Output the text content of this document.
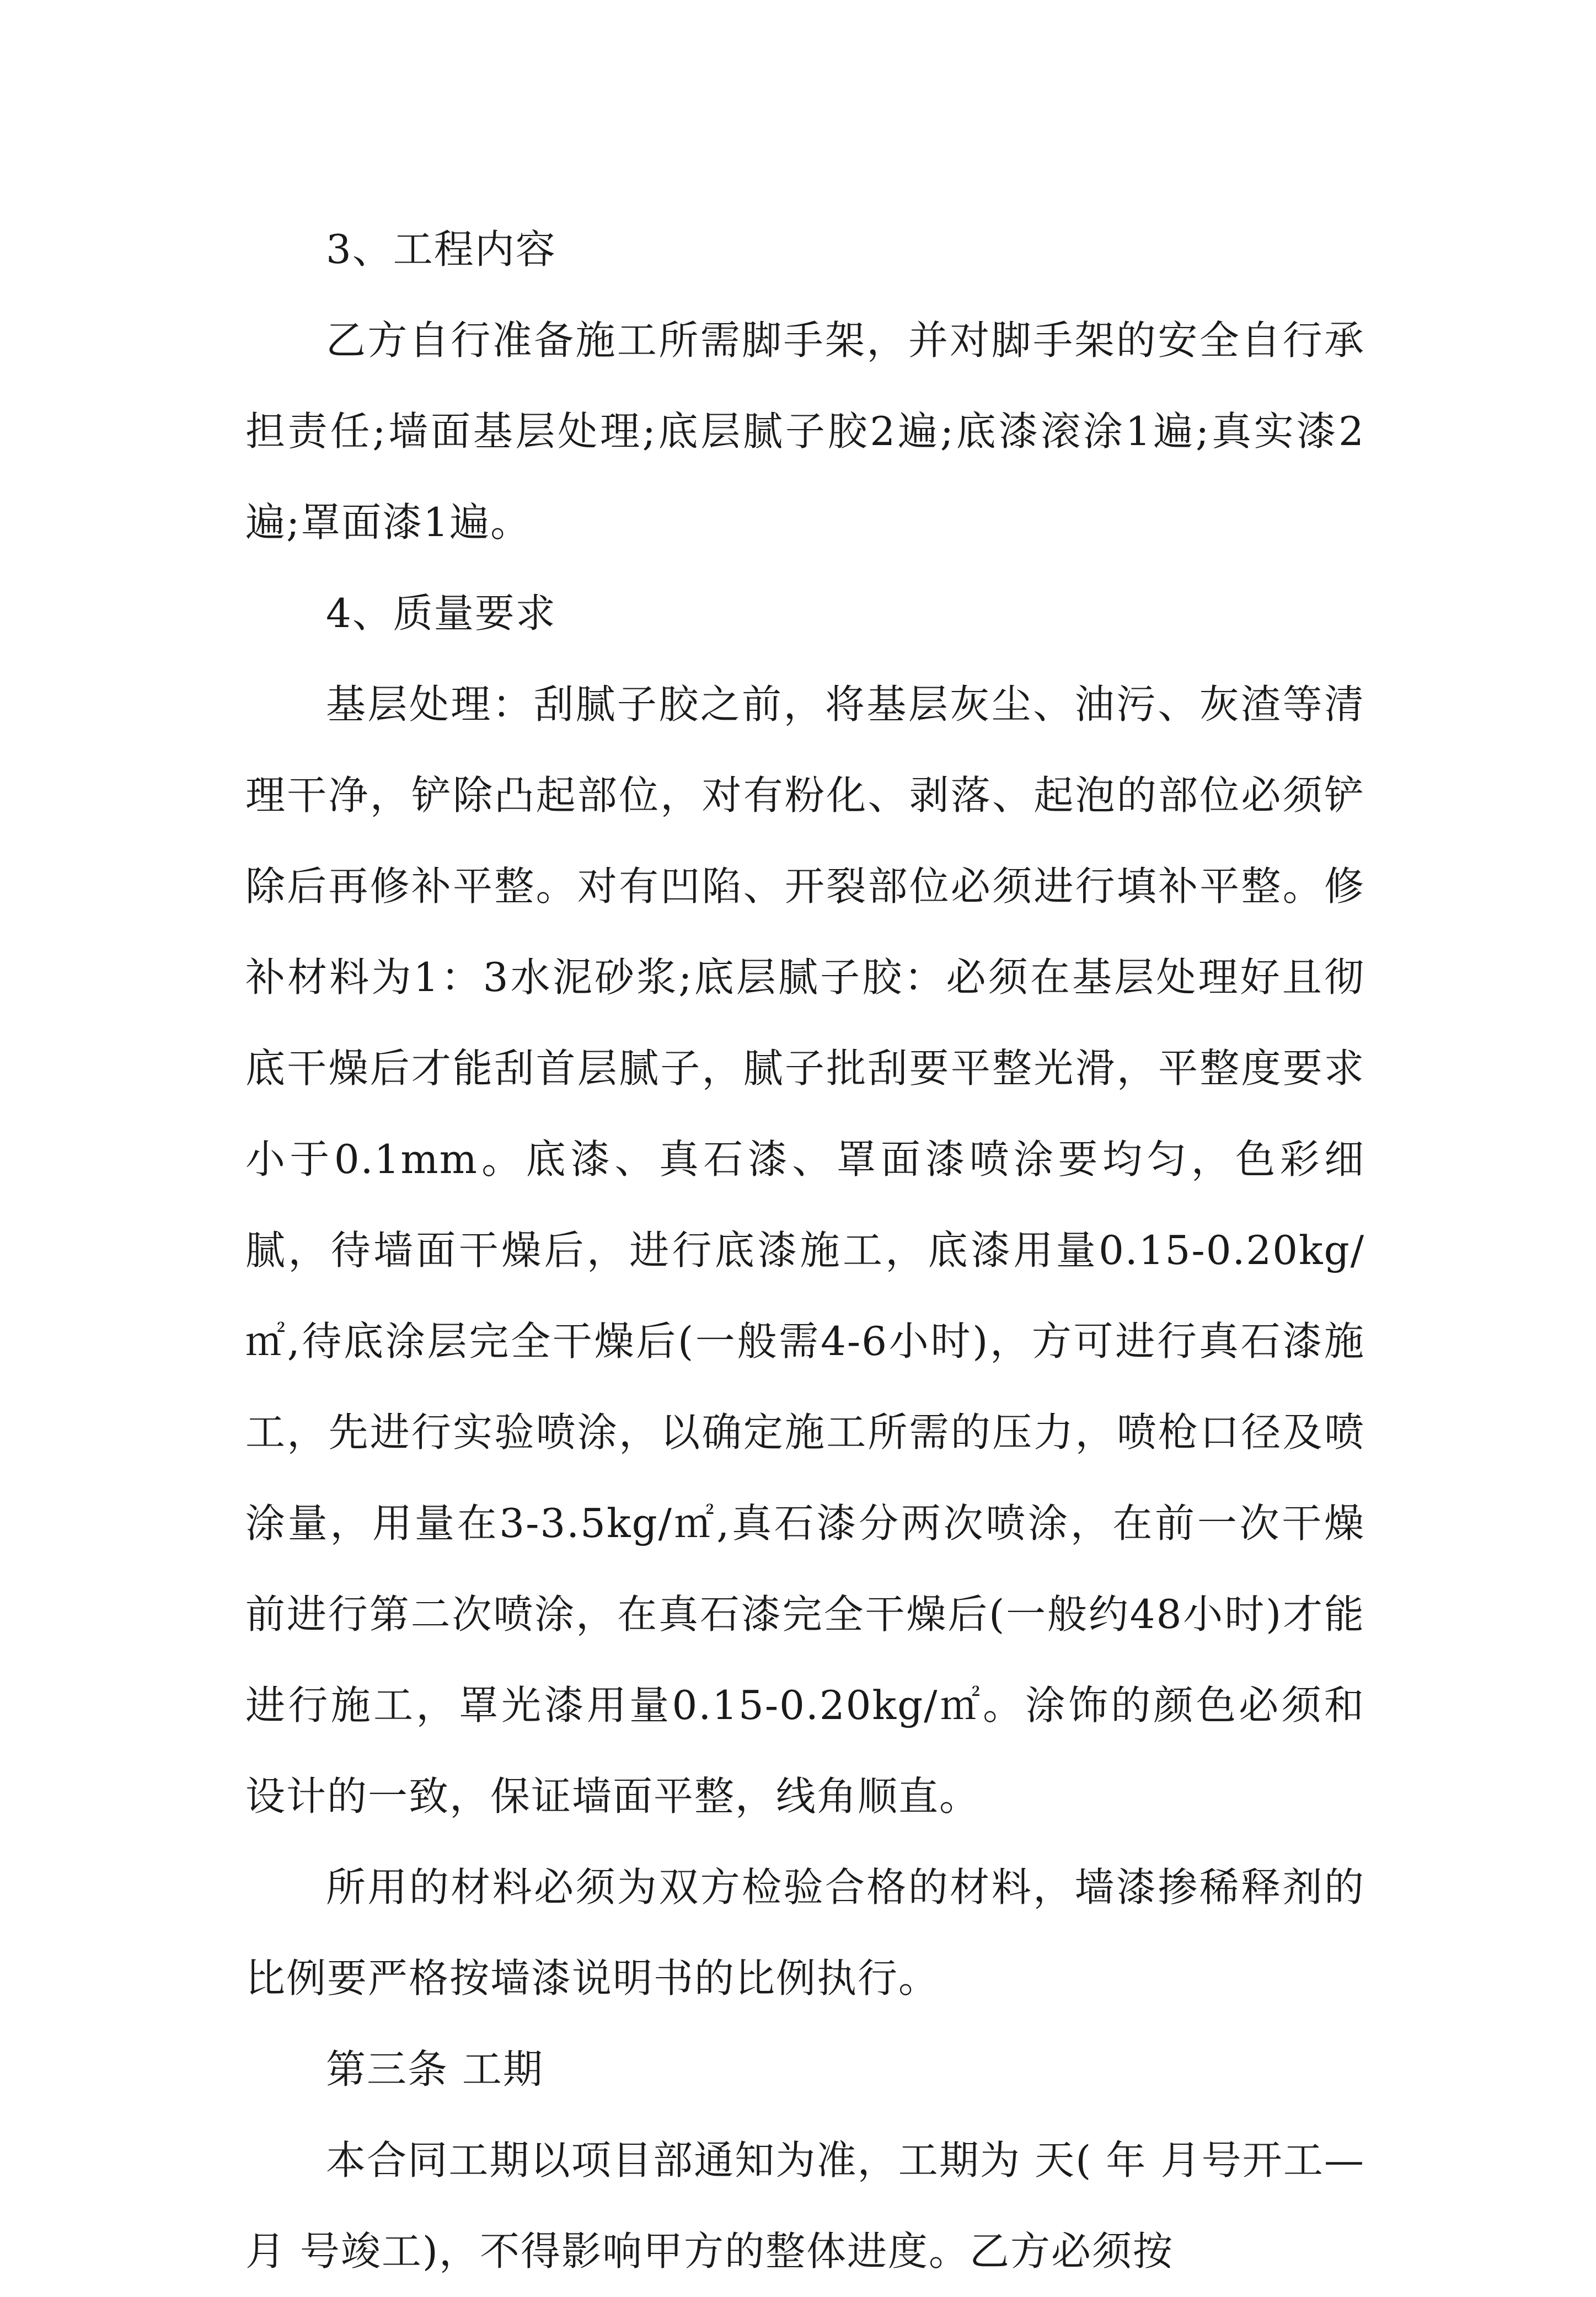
3、工程内容

乙方自行准备施工所需脚手架，并对脚手架的安全自行承担责任;墙面基层处理;底层腻子胶2遍;底漆滚涂1遍;真实漆2遍;罩面漆1遍。

4、质量要求

基层处理：刮腻子胶之前，将基层灰尘、油污、灰渣等清理干净，铲除凸起部位，对有粉化、剥落、起泡的部位必须铲除后再修补平整。对有凹陷、开裂部位必须进行填补平整。修补材料为1：3水泥砂浆;底层腻子胶：必须在基层处理好且彻底干燥后才能刮首层腻子，腻子批刮要平整光滑，平整度要求小于0.1mm。底漆、真石漆、罩面漆喷涂要均匀，色彩细腻，待墙面干燥后，进行底漆施工，底漆用量0.15-0.20kg/㎡,待底涂层完全干燥后(一般需4-6小时)，方可进行真石漆施工，先进行实验喷涂，以确定施工所需的压力，喷枪口径及喷涂量，用量在3-3.5kg/㎡,真石漆分两次喷涂，在前一次干燥前进行第二次喷涂，在真石漆完全干燥后(一般约48小时)才能进行施工，罩光漆用量0.15-0.20kg/㎡。涂饰的颜色必须和设计的一致，保证墙面平整，线角顺直。

所用的材料必须为双方检验合格的材料，墙漆掺稀释剂的比例要严格按墙漆说明书的比例执行。

第三条 工期

本合同工期以项目部通知为准，工期为 天( 年 月号开工— 月 号竣工)，不得影响甲方的整体进度。乙方必须按
